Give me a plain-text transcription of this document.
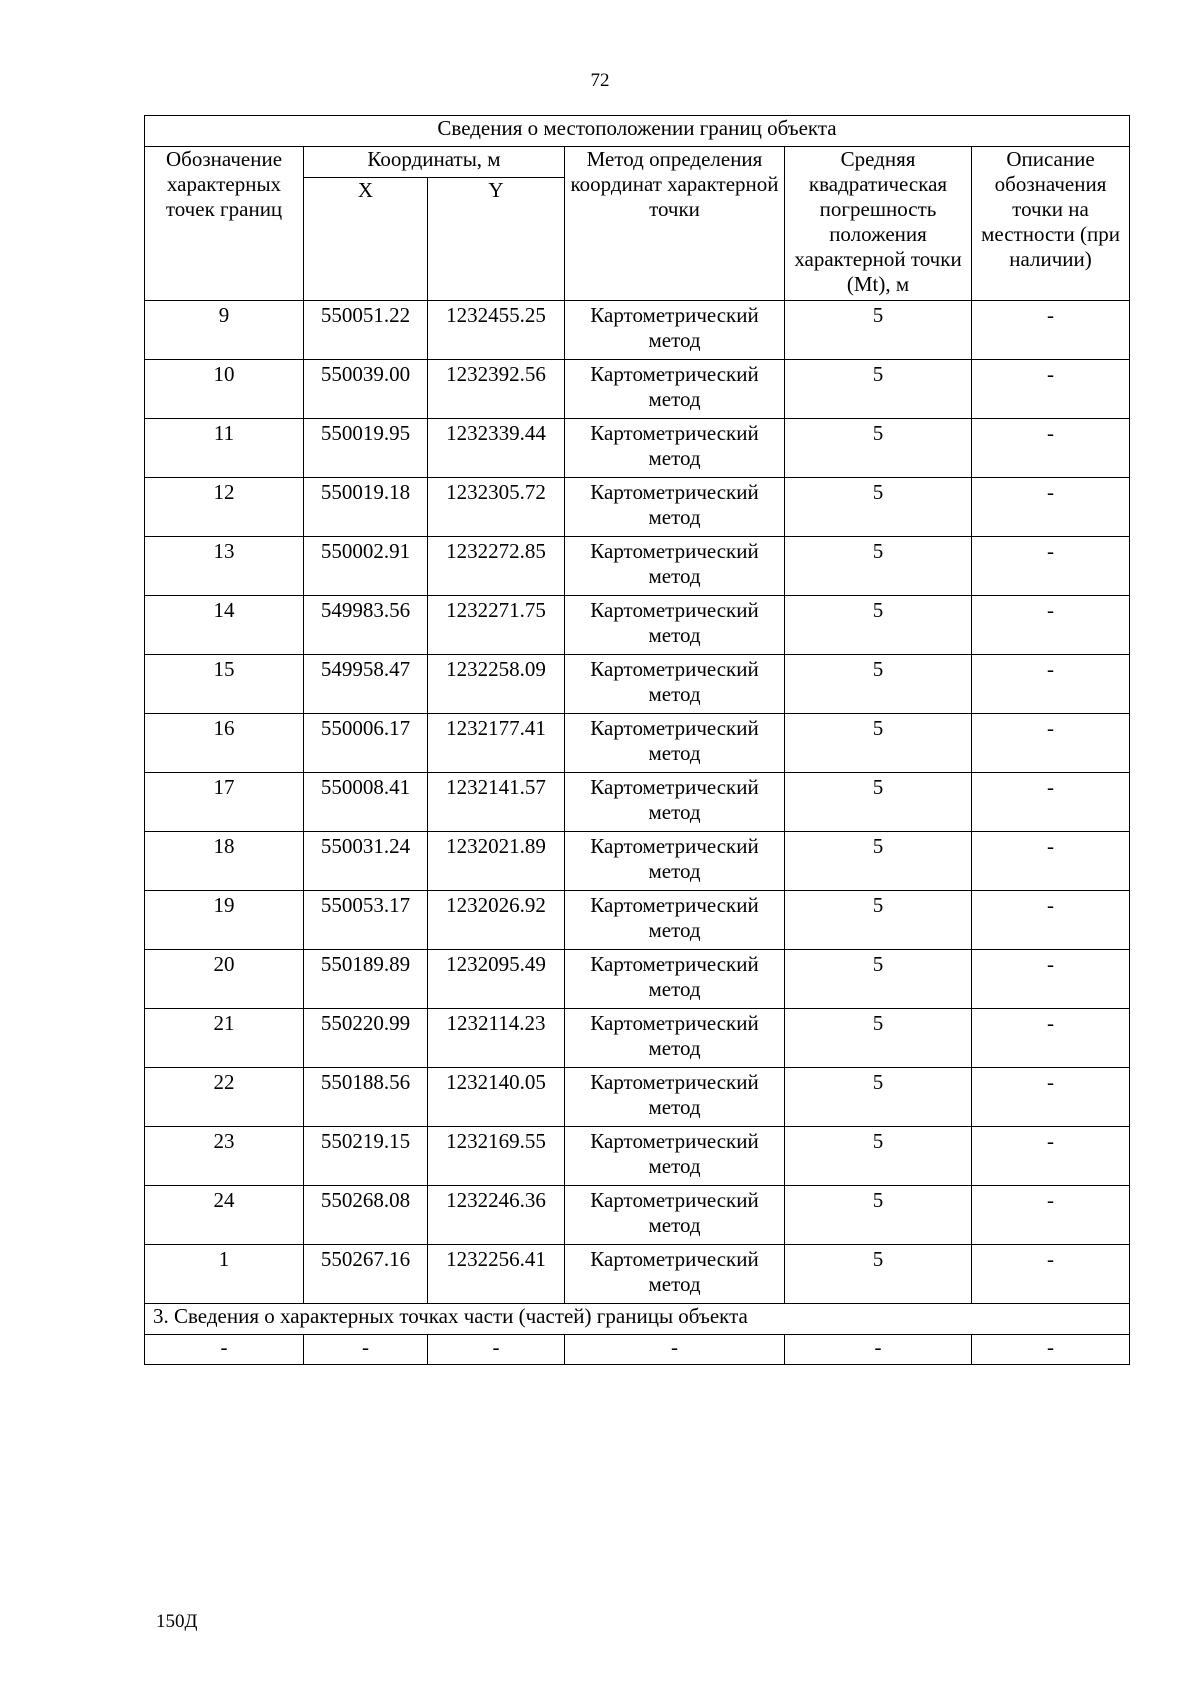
72
Сведения о местоположении границ объекта					
Обозначение характерных точек границ	Координаты, м		Метод определения координат характерной точки	Средняя квадратическая погрешность положения характерной точки (Mt), м	Описание обозначения точки на местности (при наличии)
	X	Y			
9	550051.22	1232455.25	Картометрический метод	5	-
10	550039.00	1232392.56	Картометрический метод	5	-
11	550019.95	1232339.44	Картометрический метод	5	-
12	550019.18	1232305.72	Картометрический метод	5	-
13	550002.91	1232272.85	Картометрический метод	5	-
14	549983.56	1232271.75	Картометрический метод	5	-
15	549958.47	1232258.09	Картометрический метод	5	-
16	550006.17	1232177.41	Картометрический метод	5	-
17	550008.41	1232141.57	Картометрический метод	5	-
18	550031.24	1232021.89	Картометрический метод	5	-
19	550053.17	1232026.92	Картометрический метод	5	-
20	550189.89	1232095.49	Картометрический метод	5	-
21	550220.99	1232114.23	Картометрический метод	5	-
22	550188.56	1232140.05	Картометрический метод	5	-
23	550219.15	1232169.55	Картометрический метод	5	-
24	550268.08	1232246.36	Картометрический метод	5	-
1	550267.16	1232256.41	Картометрический метод	5	-
3. Сведения о характерных точках части (частей) границы объекта					
-	-	-	-	-	-
150Д
